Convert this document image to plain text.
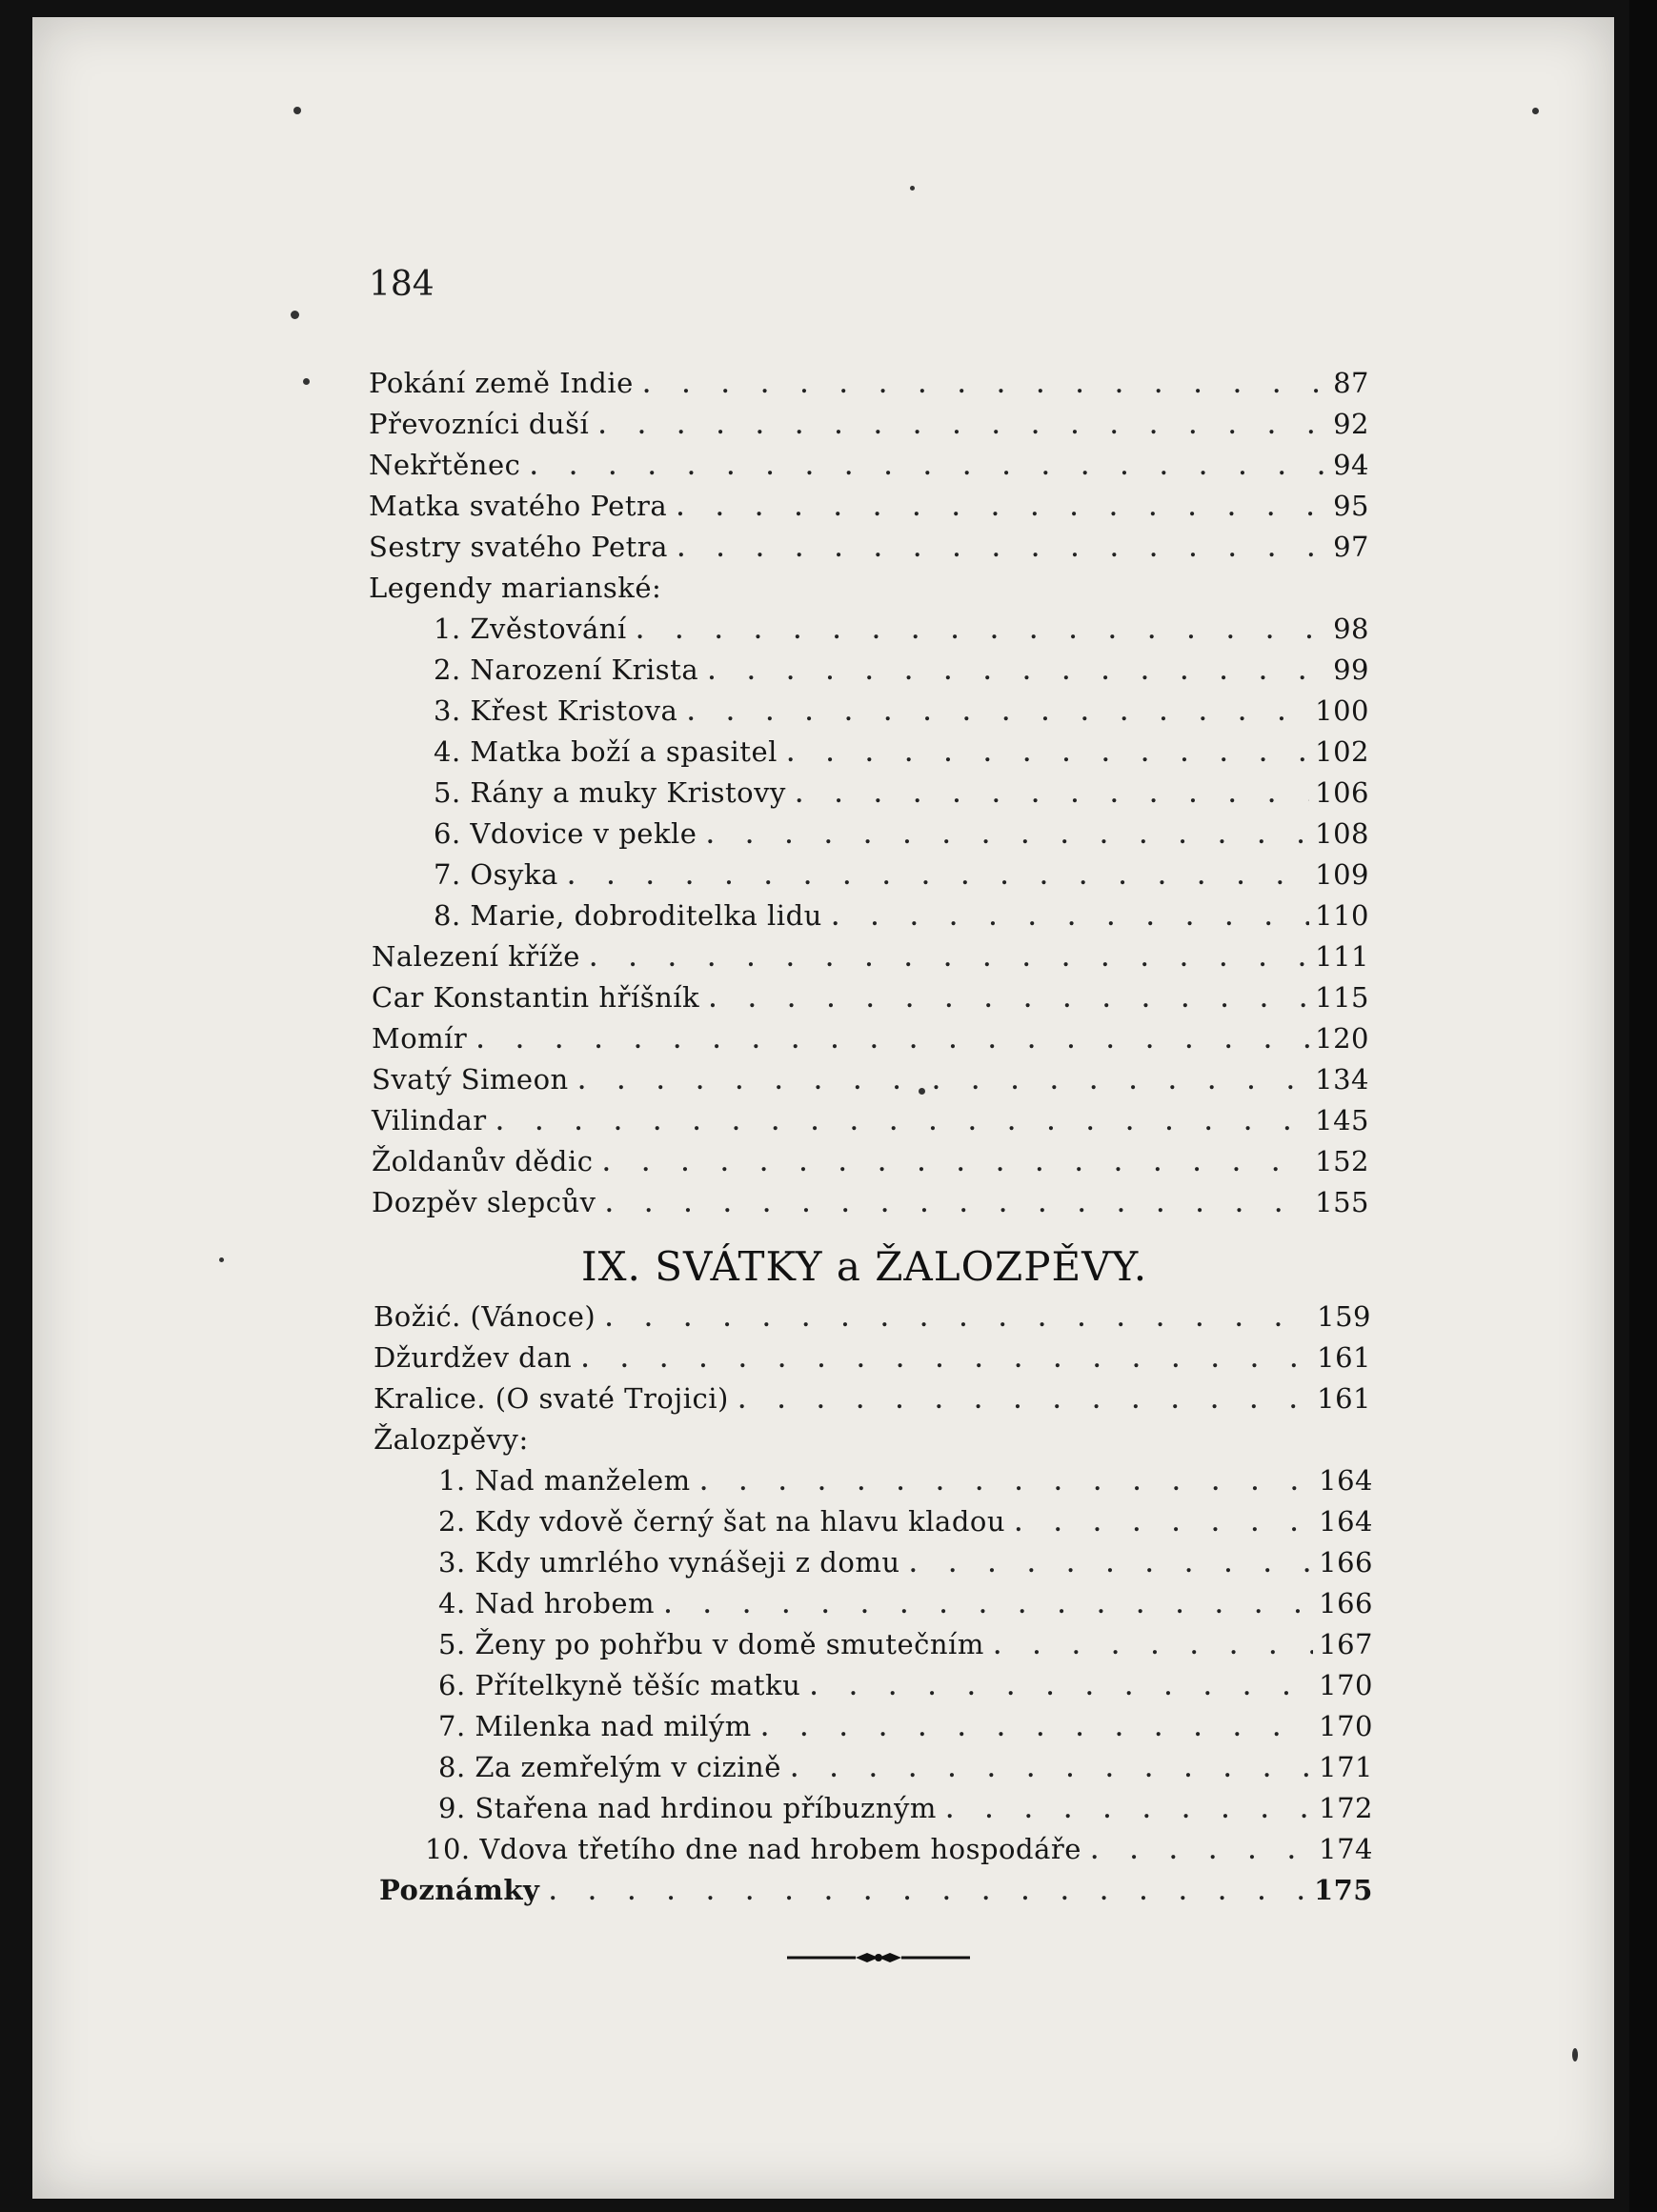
184
Pokání země Indie . . .	87
Převozníci duší . . .	92
Nekřtěnec . . .	94
Matka svatého Petra . . .	95
Sestry svatého Petra . . .	97
Legendy marianské:
1. Zvěstování . . .	98
2. Narození Krista . . .	99
3. Křest Kristova . . .	100
4. Matka boží a spasitel . . .	102
5. Rány a muky Kristovy . . .	106
6. Vdovice v pekle . . .	108
7. Osyka . . .	109
8. Marie, dobroditelka lidu . . .	110
Nalezení kříže . . .	111
Car Konstantin hříšník . . .	115
Momír . . .	120
Svatý Simeon . . .	134
Vilindar . . .	145
Žoldanův dědic . . .	152
Dozpěv slepcův . . .	155
IX. SVÁTKY a ŽALOZPĚVY.
Božić. (Vánoce) . . .	159
Džurdžev dan . . .	161
Kralice. (O svaté Trojici) . . .	161
Žalozpěvy:
1. Nad manželem . . .	164
2. Kdy vdově černý šat na hlavu kladou . . .	164
3. Kdy umrlého vynášeji z domu . . .	166
4. Nad hrobem . . .	166
5. Ženy po pohřbu v domě smutečním . . .	167
6. Přítelkyně těšíc matku . . .	170
7. Milenka nad milým . . .	170
8. Za zemřelým v cizině . . .	171
9. Stařena nad hrdinou příbuzným . . .	172
10. Vdova třetího dne nad hrobem hospodáře . . .	174
Poznámky . . .	175
